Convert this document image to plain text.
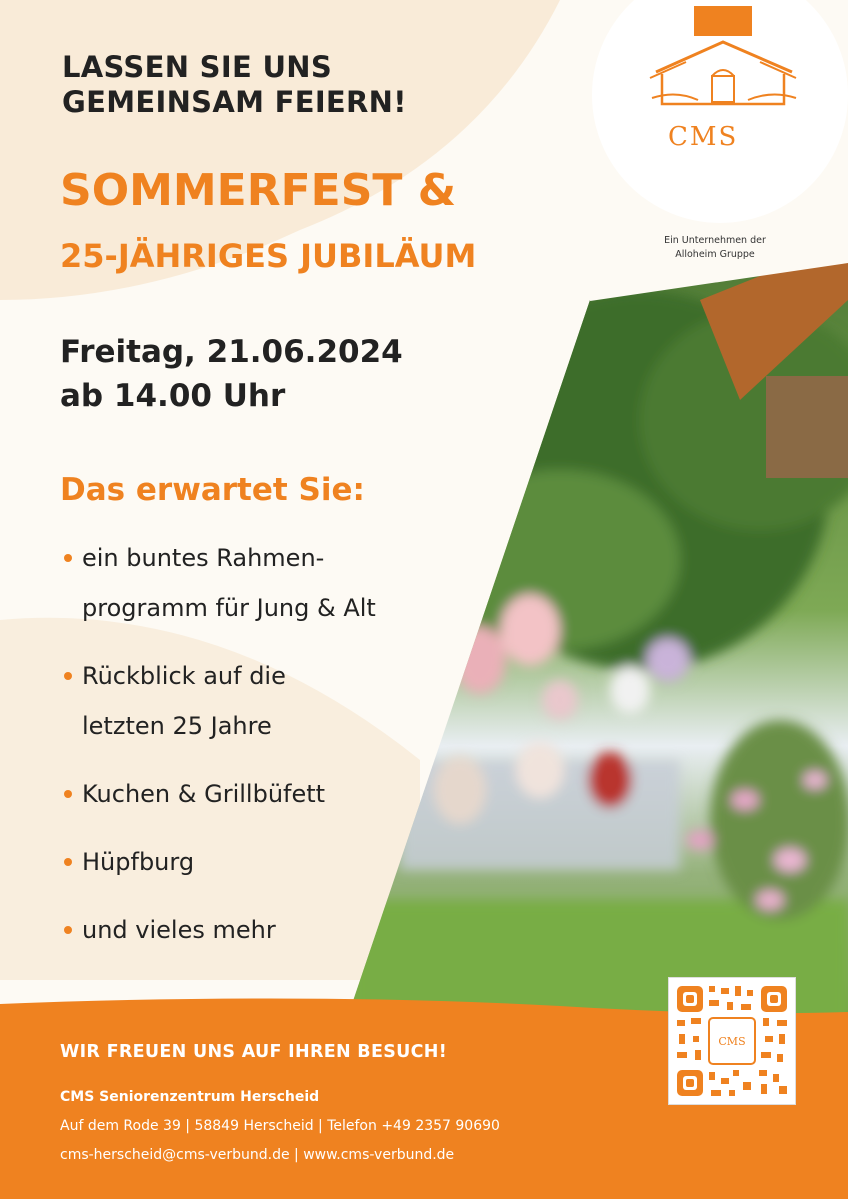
CMS
Ein Unternehmen der
Alloheim Gruppe
LASSEN SIE UNS
GEMEINSAM FEIERN!
SOMMERFEST &
25-JÄHRIGES JUBILÄUM
Freitag, 21.06.2024
ab 14.00 Uhr
Das erwartet Sie:
ein buntes Rahmen-
programm für Jung & Alt
Rückblick auf die
letzten 25 Jahre
Kuchen & Grillbüfett
Hüpfburg
und vieles mehr
WIR FREUEN UNS AUF IHREN BESUCH!
CMS Seniorenzentrum Herscheid
Auf dem Rode 39 | 58849 Herscheid | Telefon +49 2357 90690
cms-herscheid@cms-verbund.de | www.cms-verbund.de
CMS
